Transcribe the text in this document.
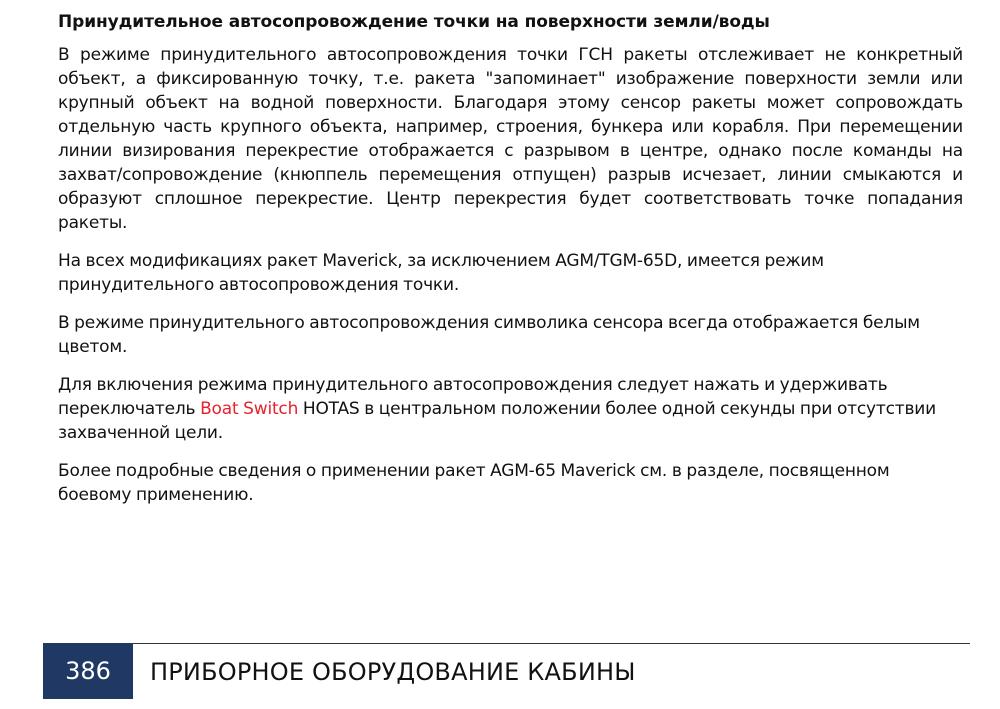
Принудительное автосопровождение точки на поверхности земли/воды

В режиме принудительного автосопровождения точки ГСН ракеты отслеживает не конкретный объект, а фиксированную точку, т.е. ракета "запоминает" изображение поверхности земли или крупный объект на водной поверхности. Благодаря этому сенсор ракеты может сопровождать отдельную часть крупного объекта, например, строения, бункера или корабля. При перемещении линии визирования перекрестие отображается с разрывом в центре, однако после команды на захват/сопровождение (кнюппель перемещения отпущен) разрыв исчезает, линии смыкаются и образуют сплошное перекрестие. Центр перекрестия будет соответствовать точке попадания ракеты.

На всех модификациях ракет Maverick, за исключением AGM/TGM-65D, имеется режим принудительного автосопровождения точки.

В режиме принудительного автосопровождения символика сенсора всегда отображается белым цветом.

Для включения режима принудительного автосопровождения следует нажать и удерживать переключатель Boat Switch HOTAS в центральном положении более одной секунды при отсутствии захваченной цели.

Более подробные сведения о применении ракет AGM-65 Maverick см. в разделе, посвященном боевому применению.

386 ПРИБОРНОЕ ОБОРУДОВАНИЕ КАБИНЫ
